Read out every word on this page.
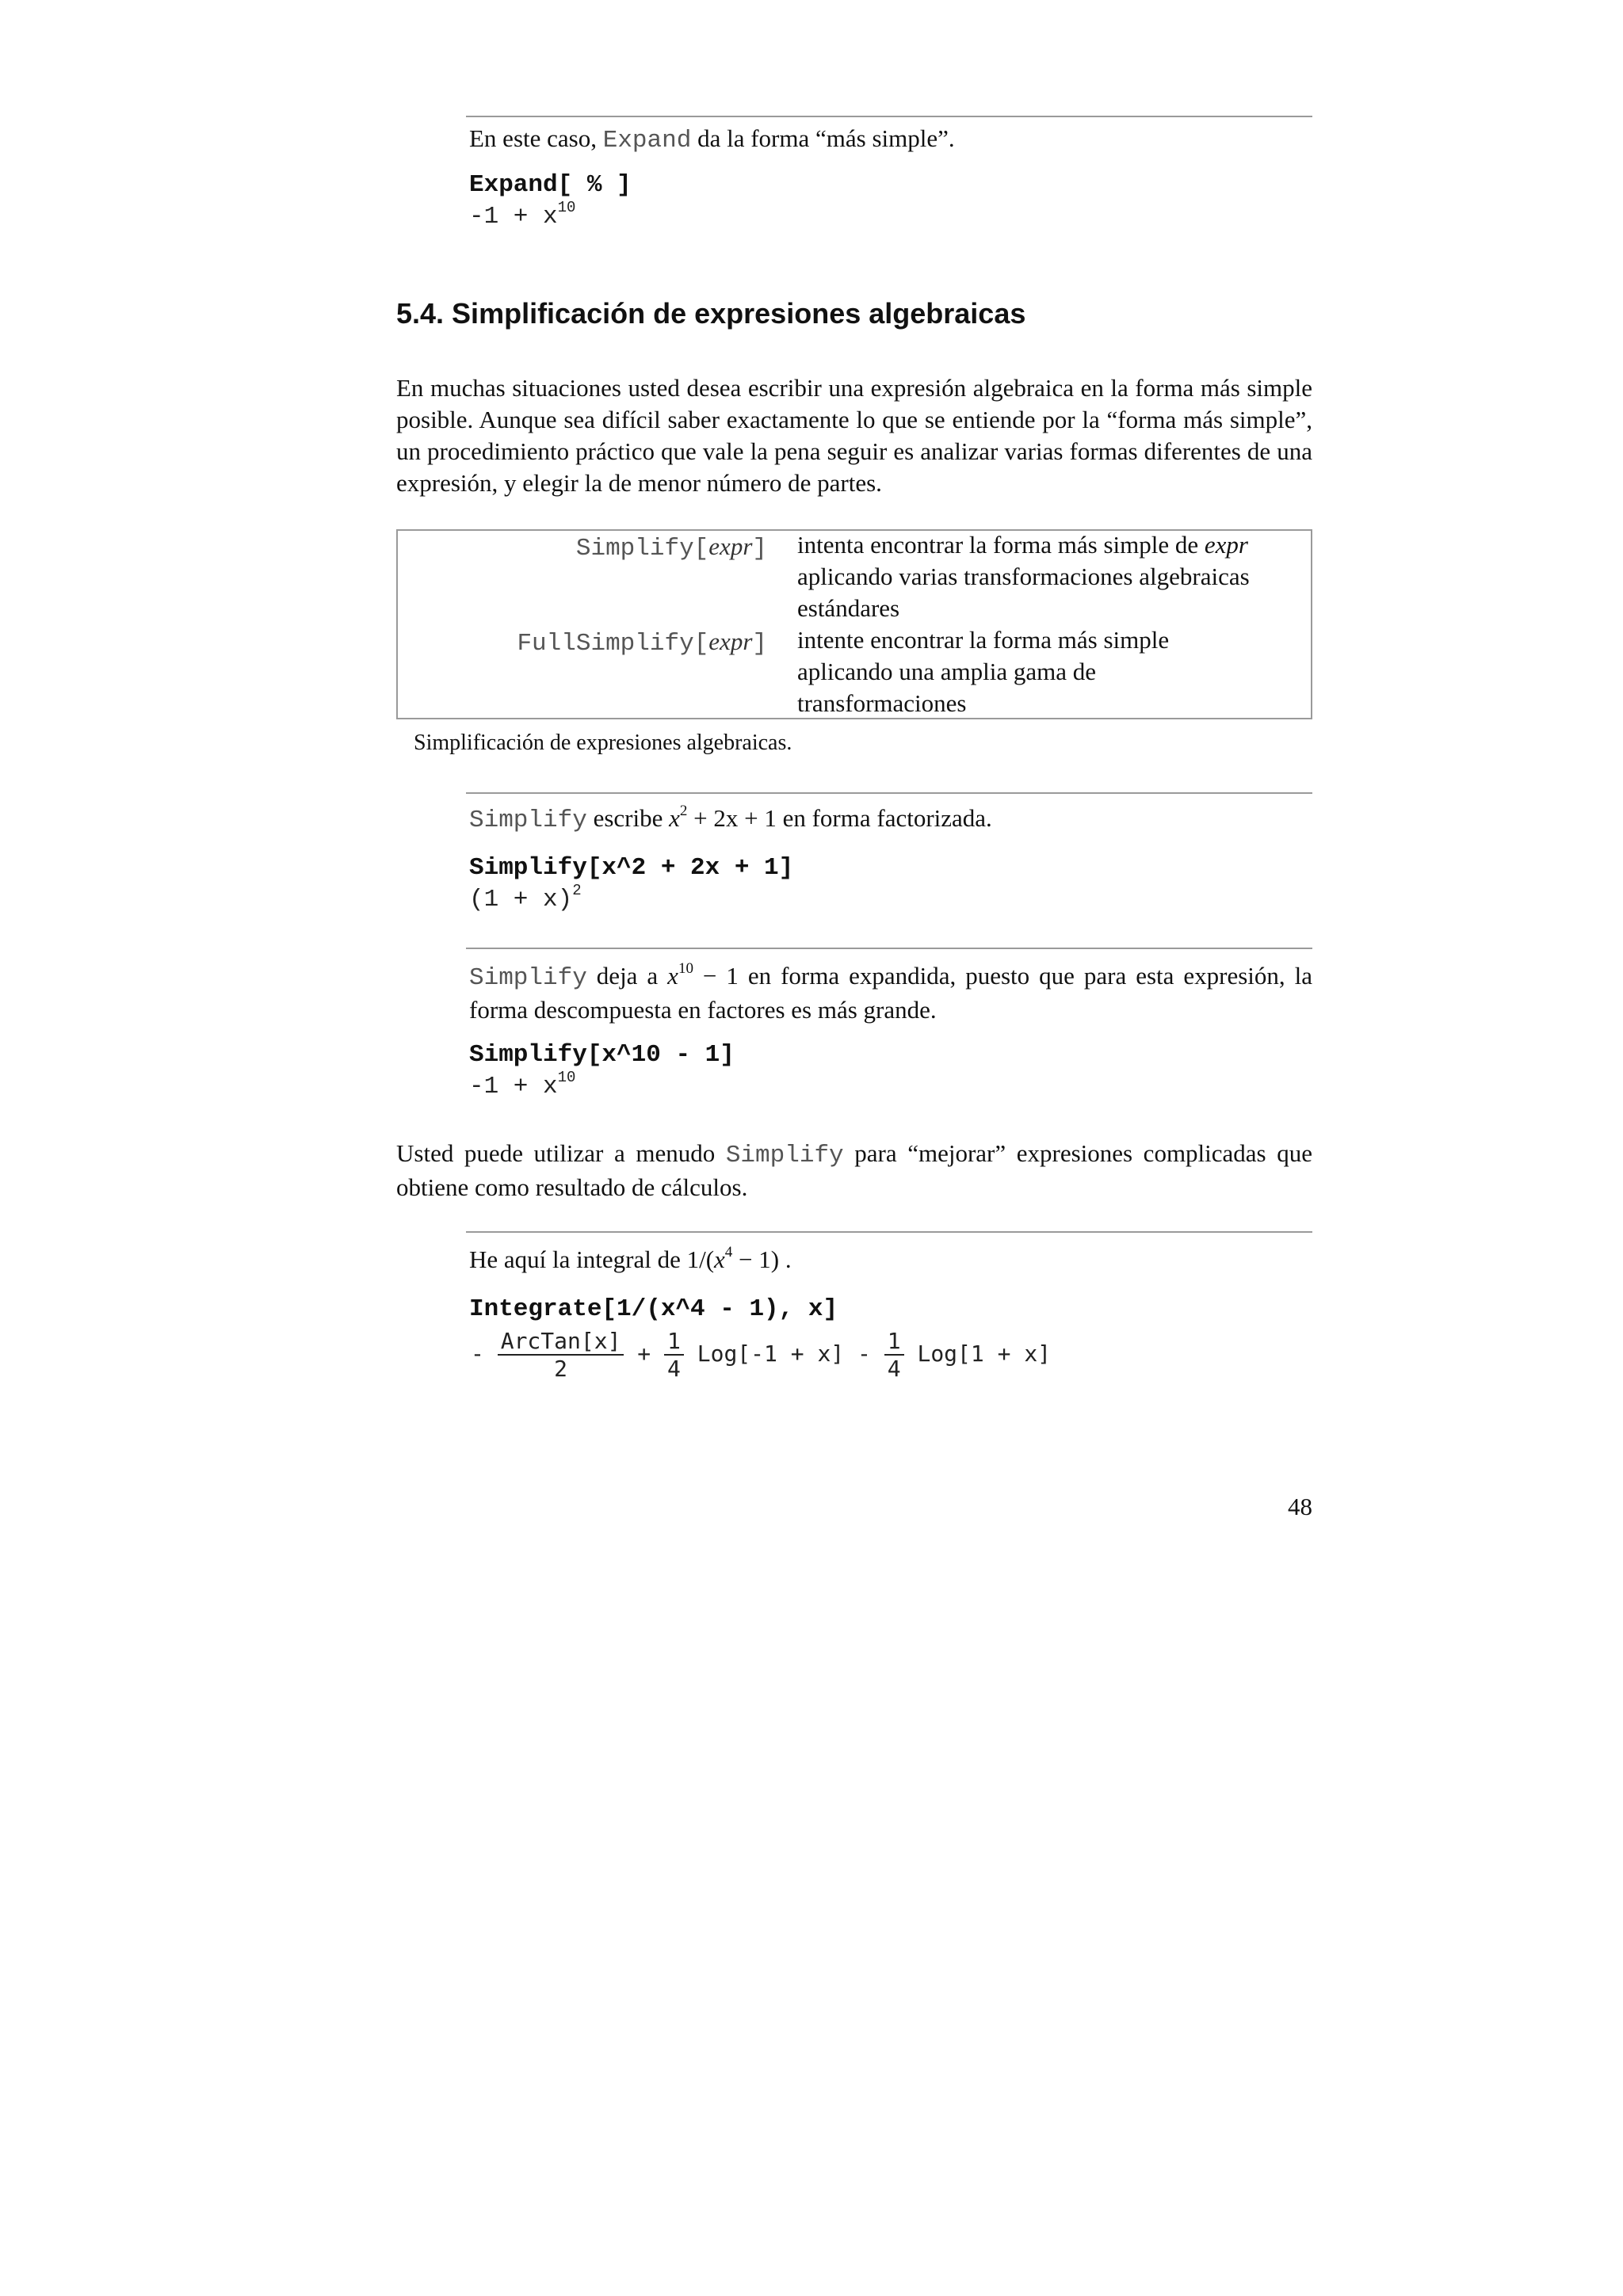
En este caso, Expand da la forma “más simple”.
Expand[ % ]
$-1 + x^{10}$
5.4. Simplificación de expresiones algebraicas
En muchas situaciones usted desea escribir una expresión algebraica en la forma más simple posible. Aunque sea difícil saber exactamente lo que se entiende por la “forma más simple”, un procedimiento práctico que vale la pena seguir es analizar varias formas diferentes de una expresión, y elegir la de menor número de partes.
Simplify[expr] intenta encontrar la forma más simple de expr aplicando varias transformaciones algebraicas estándares
FullSimplify[expr] intente encontrar la forma más simple aplicando una amplia gama de transformaciones
Simplificación de expresiones algebraicas.
Simplify escribe $x^2 + 2x + 1$ en forma factorizada.
Simplify[x^2 + 2x + 1]
$(1 + x)^2$
Simplify deja a $x^{10} - 1$ en forma expandida, puesto que para esta expresión, la forma descompuesta en factores es más grande.
Simplify[x^10 - 1]
$-1 + x^{10}$
Usted puede utilizar a menudo Simplify para “mejorar” expresiones complicadas que obtiene como resultado de cálculos.
He aquí la integral de $1/(x^4 - 1)$ .
Integrate[1/(x^4 - 1), x]
- $\frac{\text{ArcTan[x]}}{2} + \frac{1}{4} Log[-1 + x] - \frac{1}{4} Log[1 + x]$
48
